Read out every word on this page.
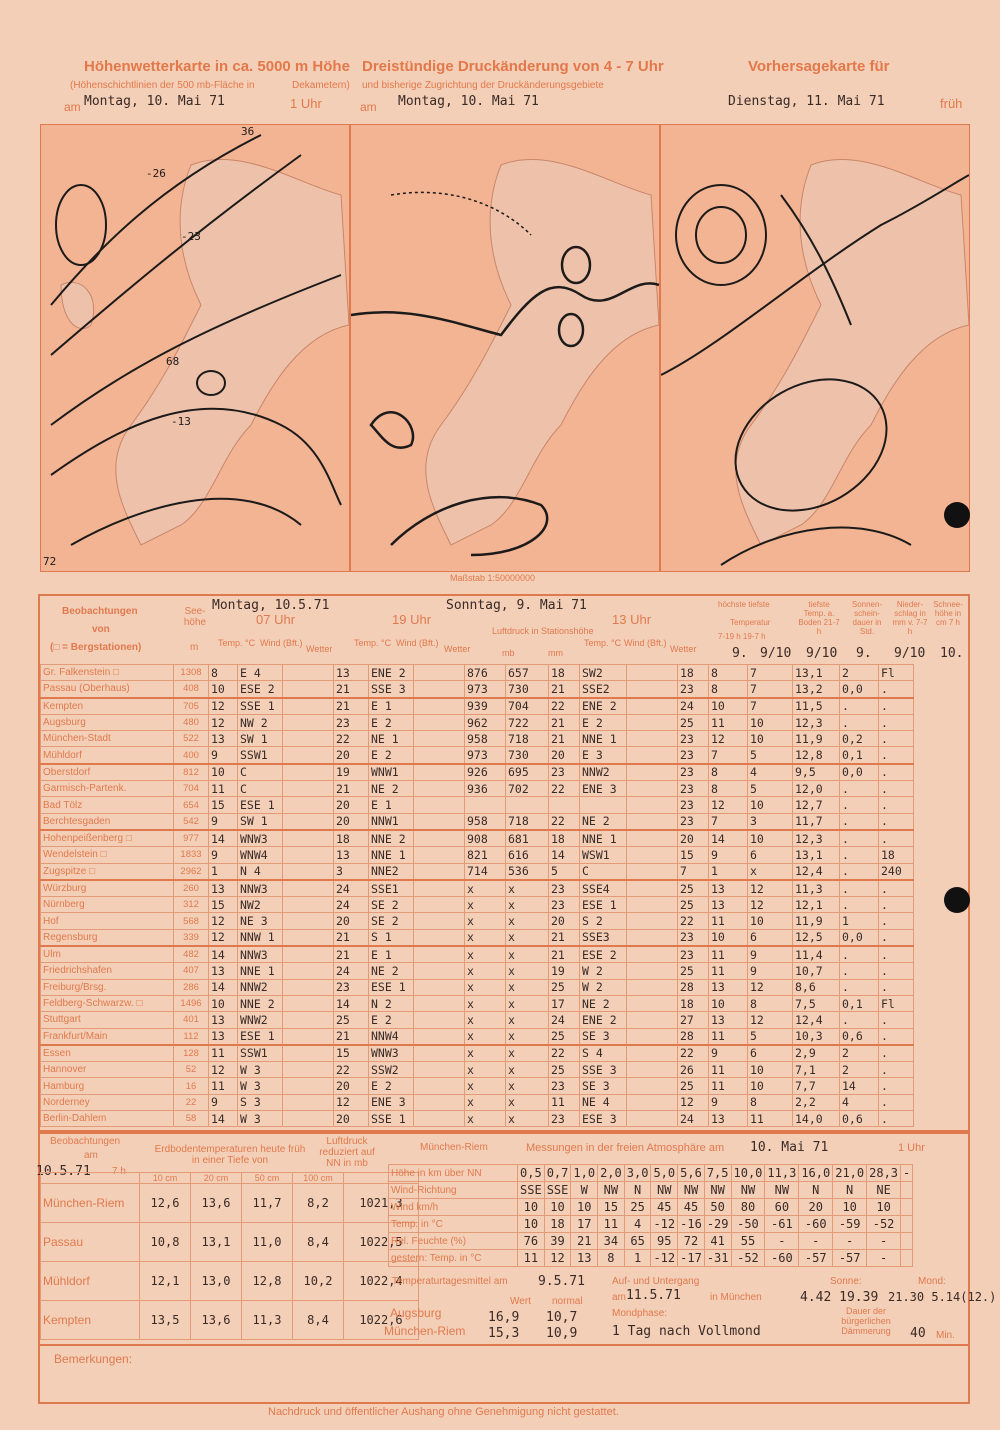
Höhenwetterkarte in ca. 5000 m Höhe
(Höhenschichtlinien der 500 mb-Fläche in	Dekametern)
am Montag, 10. Mai 71	1 Uhr
Dreistündige Druckänderung von 4 - 7 Uhr
und bisherige Zugrichtung der Druckänderungsgebiete
am Montag, 10. Mai 71
Vorhersagekarte für
Dienstag, 11. Mai 71	früh
68
36
-26
-23
-13
72
Maßstab 1:50000000
Beobachtungen
von
(□ = Bergstationen)
See-höhe
m
Montag, 10.5.71
07 Uhr	19 Uhr
Sonntag, 9. Mai 71
13 Uhr
Temp. °C Wind (Bft.)
Wetter
Temp. °C Wind (Bft.)
Wetter
Luftdruck in Stationshöhe
mb	mm
Temp. °C Wind (Bft.)
Wetter
höchste tiefste
Temperatur
7-19 h 19-7 h
tiefste Temp. a. Boden 21-7 h
Sonnen-schein-dauer in Std.
Nieder-schlag in mm v. 7-7 h
Schnee-höhe in cm 7 h
9. 9/10 9/10 9. 9/10 10.
Gr. Falkenstein □	1308	8	E 4		13	ENE 2		876	657	18	SW2		18	8	7	13,1	2	Fl
Passau (Oberhaus)	408	10	ESE 2		21	SSE 3		973	730	21	SSE2		23	8	7	13,2	0,0	.
Kempten	705	12	SSE 1		21	E 1		939	704	22	ENE 2		24	10	7	11,5	.	.
Augsburg	480	12	NW 2		23	E 2		962	722	21	E 2		25	11	10	12,3	.	.
München-Stadt	522	13	SW 1		22	NE 1		958	718	21	NNE 1		23	12	10	11,9	0,2	.
Mühldorf	400	9	SSW1		20	E 2		973	730	20	E 3		23	7	5	12,8	0,1	.
Oberstdorf	812	10	C		19	WNW1		926	695	23	NNW2		23	8	4	9,5	0,0	.
Garmisch-Partenk.	704	11	C		21	NE 2		936	702	22	ENE 3		23	8	5	12,0	.	.
Bad Tölz	654	15	ESE 1		20	E 1							23	12	10	12,7	.	.
Berchtesgaden	542	9	SW 1		20	NNW1		958	718	22	NE 2		23	7	3	11,7	.	.
Hohenpeißenberg □	977	14	WNW3		18	NNE 2		908	681	18	NNE 1		20	14	10	12,3	.	.
Wendelstein □	1833	9	WNW4		13	NNE 1		821	616	14	WSW1		15	9	6	13,1	.	18
Zugspitze □	2962	1	N 4		3	NNE2		714	536	5	C		7	1	x	12,4	.	240
Würzburg	260	13	NNW3		24	SSE1		x	x	23	SSE4		25	13	12	11,3	.	.
Nürnberg	312	15	NW2		24	SE 2		x	x	23	ESE 1		25	13	12	12,1	.	.
Hof	568	12	NE 3		20	SE 2		x	x	20	S 2		22	11	10	11,9	1	.
Regensburg	339	12	NNW 1		21	S 1		x	x	21	SSE3		23	10	6	12,5	0,0	.
Ulm	482	14	NNW3		21	E 1		x	x	21	ESE 2		23	11	9	11,4	.	.
Friedrichshafen	407	13	NNE 1		24	NE 2		x	x	19	W 2		25	11	9	10,7	.	.
Freiburg/Brsg.	286	14	NNW2		23	ESE 1		x	x	25	W 2		28	13	12	8,6	.	.
Feldberg-Schwarzw. □	1496	10	NNE 2		14	N 2		x	x	17	NE 2		18	10	8	7,5	0,1	Fl
Stuttgart	401	13	WNW2		25	E 2		x	x	24	ENE 2		27	13	12	12,4	.	.
Frankfurt/Main	112	13	ESE 1		21	NNW4		x	x	25	SE 3		28	11	5	10,3	0,6	.
Essen	128	11	SSW1		15	WNW3		x	x	22	S 4		22	9	6	2,9	2	.
Hannover	52	12	W 3		22	SSW2		x	x	25	SSE 3		26	11	10	7,1	2	.
Hamburg	16	11	W 3		20	E 2		x	x	23	SE 3		25	11	10	7,7	14	.
Norderney	22	9	S 3		12	ENE 3		x	x	11	NE 4		12	9	8	2,2	4	.
Berlin-Dahlem	58	14	W 3		20	SSE 1		x	x	23	ESE 3		24	13	11	14,0	0,6	.
Beobachtungen
am
10.5.71 7 h
Erdbodentemperaturen heute früh in einer Tiefe von
Luftdruck reduziert auf NN in mb
	10 cm	20 cm	50 cm	100 cm	
München-Riem	12,6	13,6	11,7	8,2	1021,3
Passau	10,8	13,1	11,0	8,4	1022,5
Mühldorf	12,1	13,0	12,8	10,2	1022,4
Kempten	13,5	13,6	11,3	8,4	1022,6
München-Riem	Messungen in der freien Atmosphäre am 10. Mai 71	1 Uhr
Höhe in km über NN	0,5	0,7	1,0	2,0	3,0	5,0	5,6	7,5	10,0	11,3	16,0	21,0	28,3	-
Wind-Richtung	SSE	SSE	W	NW	N	NW	NW	NW	NW	NW	N	N	NE	
Wind km/h	10	10	10	15	25	45	45	50	80	60	20	10	10	
Temp. in °C	10	18	17	11	4	-12	-16	-29	-50	-61	-60	-59	-52	
Rel. Feuchte (%)	76	39	21	34	65	95	72	41	55	-	-	-	-	
gestern: Temp. in °C	11	12	13	8	1	-12	-17	-31	-52	-60	-57	-57	-	
Temperaturtagesmittel am 9.5.71
Wert normal
Augsburg	16,9 10,7
München-Riem 15,3 10,9
Auf- und Untergang
am 11.5.71	in München
Sonne:
4.42 19.39
Mond:
21.30 5.14(12.)
Mondphase:
1 Tag nach Vollmond
Dauer der bürgerlichen Dämmerung	40 Min.
Bemerkungen:
Nachdruck und öffentlicher Aushang ohne Genehmigung nicht gestattet.
